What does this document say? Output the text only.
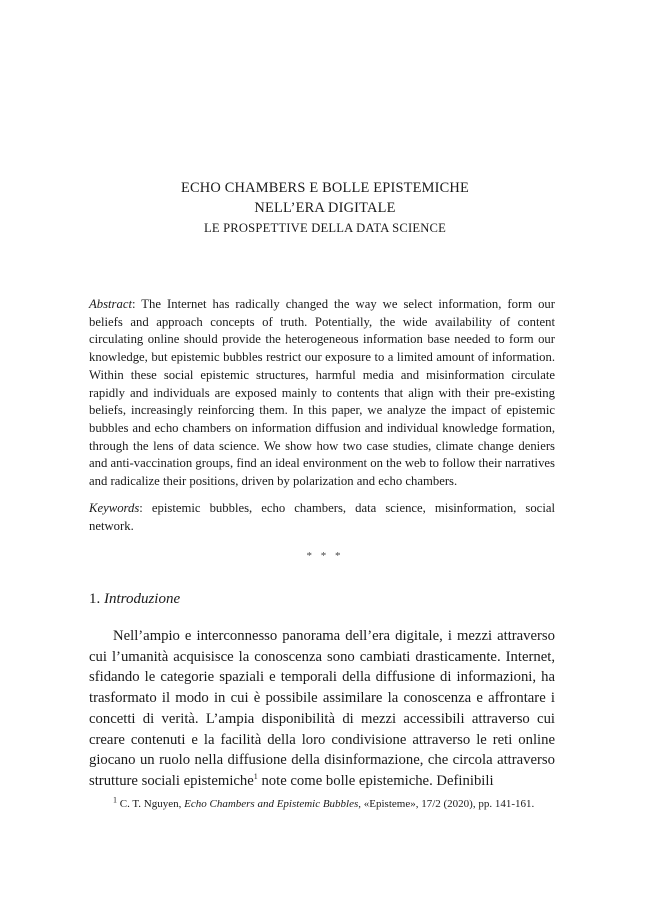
ECHO CHAMBERS E BOLLE EPISTEMICHE
NELL’ERA DIGITALE
LE PROSPETTIVE DELLA DATA SCIENCE

Abstract: The Internet has radically changed the way we select information, form our beliefs and approach concepts of truth. Potentially, the wide availability of content circulating online should provide the heterogeneous information base needed to form our knowledge, but epistemic bubbles restrict our exposure to a limited amount of information. Within these social epistemic structures, harmful media and misinformation circulate rapidly and individuals are exposed mainly to contents that align with their pre-existing beliefs, increasingly reinforcing them. In this paper, we analyze the impact of epistemic bubbles and echo chambers on information diffusion and individual knowledge formation, through the lens of data science. We show how two case studies, climate change deniers and anti-vaccination groups, find an ideal environment on the web to follow their narratives and radicalize their positions, driven by polarization and echo chambers.

Keywords: epistemic bubbles, echo chambers, data science, misinformation, social network.

* * *
1. Introduzione

Nell’ampio e interconnesso panorama dell’era digitale, i mezzi attraverso cui l’umanità acquisisce la conoscenza sono cambiati drasticamente. Internet, sfidando le categorie spaziali e temporali della diffusione di informazioni, ha trasformato il modo in cui è possibile assimilare la conoscenza e affrontare i concetti di verità. L’ampia disponibilità di mezzi accessibili attraverso cui creare contenuti e la facilità della loro condivisione attraverso le reti online giocano un ruolo nella diffusione della disinformazione, che circola attraverso strutture sociali epistemiche$^1$ note come bolle epistemiche. Definibili

$^1$ C. T. Nguyen, Echo Chambers and Epistemic Bubbles, «Episteme», 17/2 (2020), pp. 141-161.
